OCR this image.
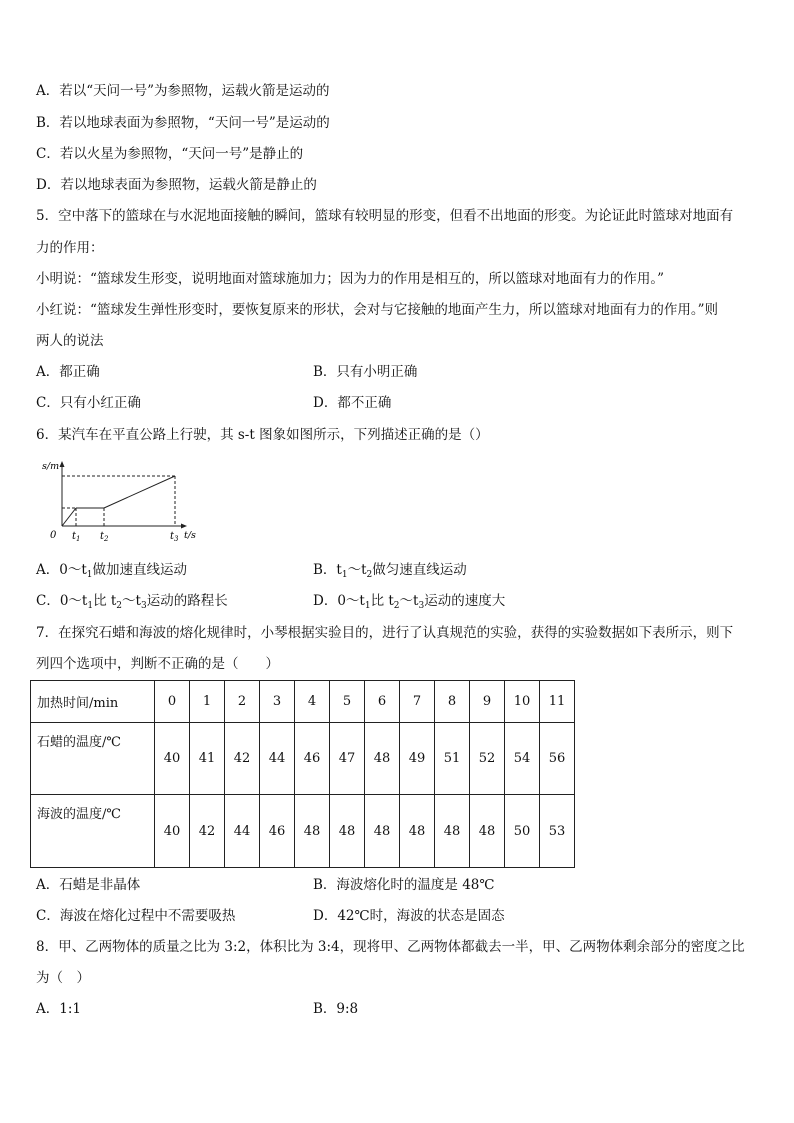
A．若以“天问一号”为参照物，运载火箭是运动的
B．若以地球表面为参照物，“天问一号”是运动的
C．若以火星为参照物，“天问一号”是静止的
D．若以地球表面为参照物，运载火箭是静止的
5．空中落下的篮球在与水泥地面接触的瞬间，篮球有较明显的形变，但看不出地面的形变。为论证此时篮球对地面有
力的作用：
小明说：“篮球发生形变，说明地面对篮球施加力；因为力的作用是相互的，所以篮球对地面有力的作用。”
小红说：“篮球发生弹性形变时，要恢复原来的形状，会对与它接触的地面产生力，所以篮球对地面有力的作用。”则
两人的说法
A．都正确	B．只有小明正确
C．只有小红正确	D．都不正确
6．某汽车在平直公路上行驶，其 s-t 图象如图所示，下列描述正确的是（）
s/m
t/s
0 $t_1$ $t_2$	$t_3$
A．$0\sim t_1$做加速直线运动	B．$t_1\sim t_2$做匀速直线运动
C．$0\sim t_1$比 $t_2\sim t_3$运动的路程长	D．$0\sim t_1$比 $t_2\sim t_3$运动的速度大
7．在探究石蜡和海波的熔化规律时，小琴根据实验目的，进行了认真规范的实验，获得的实验数据如下表所示，则下
列四个选项中，判断不正确的是（　　）
加热时间/min	0	1	2	3	4	5	6	7	8	9	10	11
石蜡的温度/℃	40	41	42	44	46	47	48	49	51	52	54	56
海波的温度/℃	40	42	44	46	48	48	48	48	48	48	50	53
A．石蜡是非晶体	B．海波熔化时的温度是 48℃
C．海波在熔化过程中不需要吸热	D．42℃时，海波的状态是固态
8．甲、乙两物体的质量之比为 3:2，体积比为 3:4，现将甲、乙两物体都截去一半，甲、乙两物体剩余部分的密度之比
为（　）
A．1:1	B．9:8
